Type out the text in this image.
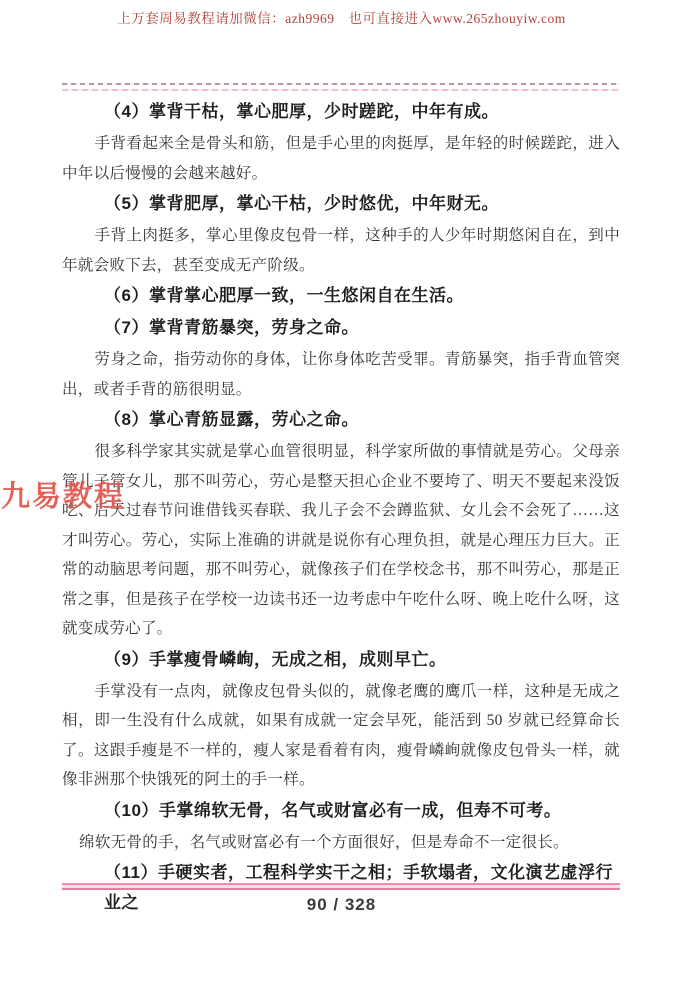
上万套周易教程请加微信：azh9969　也可直接进入www.265zhouyiw.com
（4）掌背干枯，掌心肥厚，少时蹉跎，中年有成。

手背看起来全是骨头和筋，但是手心里的肉挺厚，是年轻的时候蹉跎，进入中年以后慢慢的会越来越好。

（5）掌背肥厚，掌心干枯，少时悠优，中年财无。

手背上肉挺多，掌心里像皮包骨一样，这种手的人少年时期悠闲自在，到中年就会败下去，甚至变成无产阶级。

（6）掌背掌心肥厚一致，一生悠闲自在生活。
（7）掌背青筋暴突，劳身之命。

劳身之命，指劳动你的身体，让你身体吃苦受罪。青筋暴突，指手背血管突出，或者手背的筋很明显。

（8）掌心青筋显露，劳心之命。

很多科学家其实就是掌心血管很明显，科学家所做的事情就是劳心。父母亲管儿子管女儿，那不叫劳心，劳心是整天担心企业不要垮了、明天不要起来没饭吃、后天过春节问谁借钱买春联、我儿子会不会蹲监狱、女儿会不会死了……这才叫劳心。劳心，实际上准确的讲就是说你有心理负担，就是心理压力巨大。正常的动脑思考问题，那不叫劳心，就像孩子们在学校念书，那不叫劳心，那是正常之事，但是孩子在学校一边读书还一边考虑中午吃什么呀、晚上吃什么呀，这就变成劳心了。

（9）手掌瘦骨嶙峋，无成之相，成则早亡。

手掌没有一点肉，就像皮包骨头似的，就像老鹰的鹰爪一样，这种是无成之相，即一生没有什么成就，如果有成就一定会早死，能活到 50 岁就已经算命长了。这跟手瘦是不一样的，瘦人家是看着有肉，瘦骨嶙峋就像皮包骨头一样，就像非洲那个快饿死的阿土的手一样。

（10）手掌绵软无骨，名气或财富必有一成，但寿不可考。

绵软无骨的手，名气或财富必有一个方面很好，但是寿命不一定很长。

（11）手硬实者，工程科学实干之相；手软塌者，文化演艺虚浮行业之
九易教程
90 / 328
